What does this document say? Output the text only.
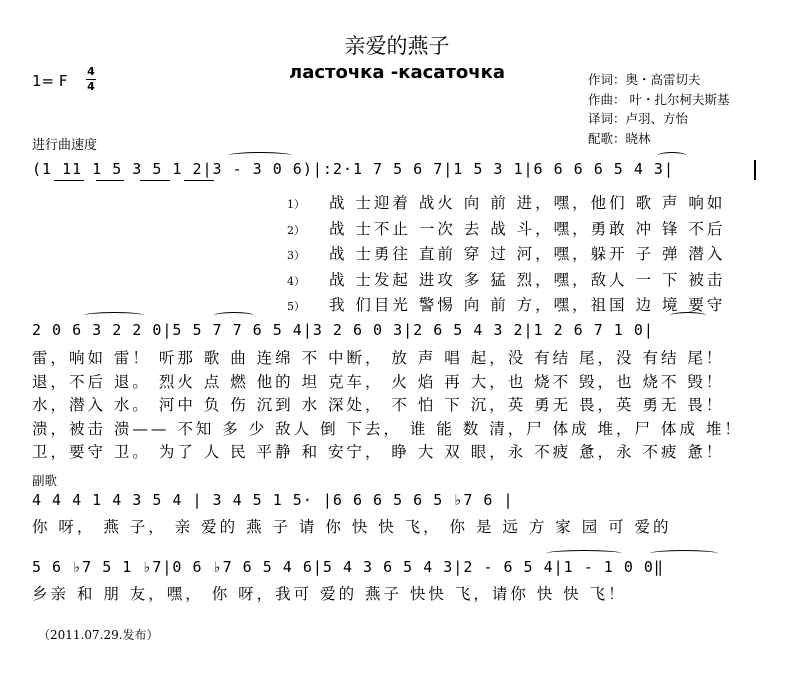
亲爱的燕子
ласточка -касаточка
1= F
4
4	作词：奥・高雷切夫
作曲： 叶・扎尔柯夫斯基
译词：卢羽、方怡
配歌：晓林
进行曲速度
(1 11 1 5 3 5 1 2|3 - 3 0 6)|:2·1 7 5 6 7|1 5 3 1|6 6 6 6 5 4 3|
1） 战 士迎着 战火 向 前 进，嘿，他们 歌 声 响如
2） 战 士不止 一次 去 战 斗，嘿，勇敢 冲 锋 不后
3） 战 士勇往 直前 穿 过 河，嘿，躲开 子 弹 潜入
4） 战 士发起 进攻 多 猛 烈，嘿，敌人 一 下 被击
5） 我 们目光 警惕 向 前 方，嘿，祖国 边 境 要守
2 0 6 3 2 2 0|5 5 7 7 6 5 4|3 2 6 0 3|2 6 5 4 3 2|1 2 6 7 1 0|
雷，响如 雷！ 听那 歌 曲 连绵 不 中断， 放 声 唱 起，没 有结 尾，没 有结 尾！
退，不后 退。 烈火 点 燃 他的 坦 克车， 火 焰 再 大，也 烧不 毁，也 烧不 毁！
水，潜入 水。 河中 负 伤 沉到 水 深处， 不 怕 下 沉，英 勇无 畏，英 勇无 畏！
溃，被击 溃—— 不知 多 少 敌人 倒 下去， 谁 能 数 清，尸 体成 堆，尸 体成 堆！
卫，要守 卫。 为了 人 民 平静 和 安宁， 睁 大 双 眼，永 不疲 惫，永 不疲 惫！
副歌
4 4 4 1 4 3 5 4 | 3 4 5 1 5· |6 6 6 5 6 5 ♭7 6 |
你 呀， 燕 子， 亲 爱的 燕 子 请 你 快 快 飞， 你 是 远 方 家 园 可 爱的
5 6 ♭7 5 1 ♭7|0 6 ♭7 6 5 4 6|5 4 3 6 5 4 3|2 - 6 5 4|1 - 1 0 0‖
乡亲 和 朋 友，嘿， 你 呀，我可 爱的 燕子 快快 飞，请你 快 快 飞！
（2011.07.29.发布）
